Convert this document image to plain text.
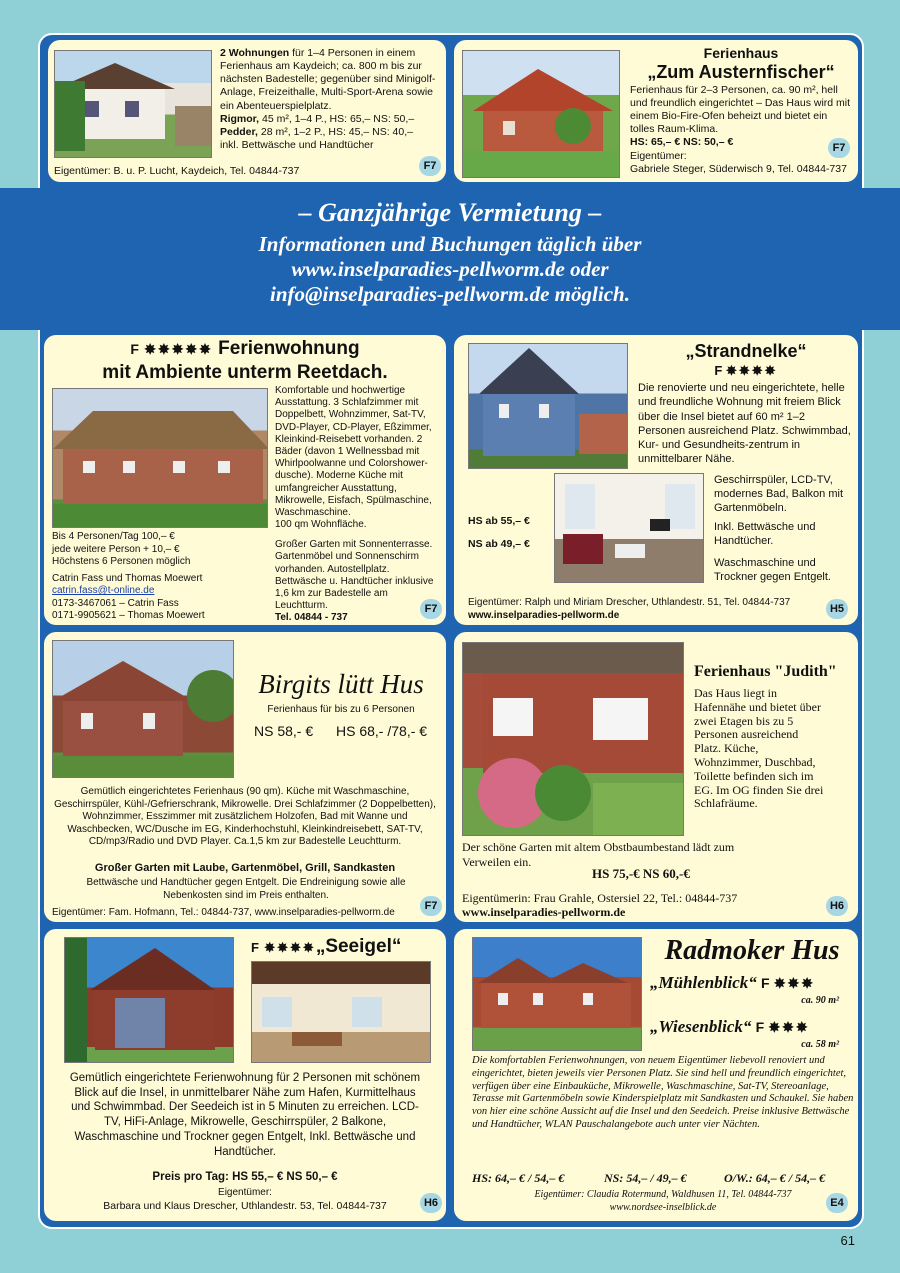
2 Wohnungen für 1–4 Personen in einem Ferienhaus am Kaydeich; ca. 800 m bis zur nächsten Badestelle; gegenüber sind Minigolf-Anlage, Freizeithalle, Multi-Sport-Arena sowie ein Abenteuerspielplatz.
Rigmor, 45 m², 1–4 P., HS: 65,– NS: 50,–
Pedder, 28 m², 1–2 P., HS: 45,– NS: 40,–
inkl. Bettwäsche und Handtücher
Eigentümer: B. u. P. Lucht, Kaydeich, Tel. 04844-737	F7
Ferienhaus
„Zum Austernfischer“
Ferienhaus für 2–3 Personen, ca. 90 m², hell und freundlich eingerichtet – Das Haus wird mit einem Bio-Fire-Ofen beheizt und bietet ein tolles Raum-Klima.
HS: 65,– € NS: 50,– €
Eigentümer:
Gabriele Steger, Süderwisch 9, Tel. 04844-737
F7
– Ganzjährige Vermietung –
Informationen und Buchungen täglich über
www.inselparadies-pellworm.de oder
info@inselparadies-pellworm.de möglich.
F ✸✸✸✸✸ Ferienwohnung
mit Ambiente unterm Reetdach.
Komfortable und hochwertige Ausstattung. 3 Schlafzimmer mit Doppelbett, Wohnzimmer, Sat-TV, DVD-Player, CD-Player, Eßzimmer, Kleinkind-Reisebett vorhanden. 2 Bäder (davon 1 Wellnessbad mit Whirlpoolwanne und Colorshower-dusche). Moderne Küche mit umfangreicher Ausstattung, Mikrowelle, Eisfach, Spülmaschine, Waschmaschine.
100 qm Wohnfläche.
Großer Garten mit Sonnenterrasse. Gartenmöbel und Sonnenschirm vorhanden. Autostellplatz. Bettwäsche u. Handtücher inklusive 1,6 km zur Badestelle am Leuchtturm.
Tel. 04844 - 737
Bis 4 Personen/Tag 100,– €
jede weitere Person + 10,– €
Höchstens 6 Personen möglich
Catrin Fass und Thomas Moewert
catrin.fass@t-online.de
0173-3467061 – Catrin Fass
0171-9905621 – Thomas Moewert
F7
„Strandnelke“
F ✸✸✸✸
Die renovierte und neu eingerichtete, helle und freundliche Wohnung mit freiem Blick über die Insel bietet auf 60 m² 1–2 Personen ausreichend Platz. Schwimmbad, Kur- und Gesundheits-zentrum in unmittelbarer Nähe.
Geschirrspüler, LCD-TV, modernes Bad, Balkon mit Gartenmöbeln.
Inkl. Bettwäsche und Handtücher.
Waschmaschine und Trockner gegen Entgelt.
HS ab 55,– €
NS ab 49,– €
Eigentümer: Ralph und Miriam Drescher, Uthlandestr. 51, Tel. 04844-737
www.inselparadies-pellworm.de
H5
Birgits lütt Hus
Ferienhaus für bis zu 6 Personen
NS 58,- € HS 68,- /78,- €
Gemütlich eingerichtetes Ferienhaus (90 qm). Küche mit Waschmaschine, Geschirrspüler, Kühl-/Gefrierschrank, Mikrowelle. Drei Schlafzimmer (2 Doppelbetten), Wohnzimmer, Esszimmer mit zusätzlichem Holzofen, Bad mit Wanne und Waschbecken, WC/Dusche im EG, Kinderhochstuhl, Kleinkindreisebett, SAT-TV, CD/mp3/Radio und DVD Player. Ca.1,5 km zur Badestelle Leuchtturm.
Großer Garten mit Laube, Gartenmöbel, Grill, Sandkasten
Bettwäsche und Handtücher gegen Entgelt. Die Endreinigung sowie alle Nebenkosten sind im Preis enthalten.
Eigentümer: Fam. Hofmann, Tel.: 04844-737, www.inselparadies-pellworm.de
F7
Ferienhaus "Judith"
Das Haus liegt in Hafennähe und bietet über zwei Etagen bis zu 5 Personen ausreichend Platz. Küche, Wohnzimmer, Duschbad, Toilette befinden sich im EG. Im OG finden Sie drei Schlafräume.
Der schöne Garten mit altem Obstbaumbestand lädt zum Verweilen ein.
HS 75,-€ NS 60,-€
Eigentümerin: Frau Grahle, Ostersiel 22, Tel.: 04844-737
www.inselparadies-pellworm.de	H6
F ✸✸✸✸„Seeigel“
Gemütlich eingerichtete Ferienwohnung für 2 Personen mit schönem Blick auf die Insel, in unmittelbarer Nähe zum Hafen, Kurmittelhaus und Schwimmbad. Der Seedeich ist in 5 Minuten zu erreichen. LCD-TV, HiFi-Anlage, Mikrowelle, Geschirrspüler, 2 Balkone, Waschmaschine und Trockner gegen Entgelt, Inkl. Bettwäsche und Handtücher.
Preis pro Tag: HS 55,– € NS 50,– €
Eigentümer:
Barbara und Klaus Drescher, Uthlandestr. 53, Tel. 04844-737	H6
Radmoker Hus
„Mühlenblick“ F ✸✸✸
ca. 90 m²
„Wiesenblick“ F ✸✸✸
ca. 58 m²
Die komfortablen Ferienwohnungen, von neuem Eigentümer liebevoll renoviert und eingerichtet, bieten jeweils vier Personen Platz. Sie sind hell und freundlich eingerichtet, verfügen über eine Einbauküche, Mikrowelle, Waschmaschine, Sat-TV, Stereoanlage, Terasse mit Gartenmöbeln sowie Kinderspielplatz mit Sandkasten und Schaukel. Sie haben von hier eine schöne Aussicht auf die Insel und den Seedeich. Preise inklusive Bettwäsche und Handtücher, WLAN Pauschalangebote auch unter vier Nächten.
HS: 64,– € / 54,– €	NS: 54,– / 49,– €	O/W.: 64,– € / 54,– €
Eigentümer: Claudia Rotermund, Waldhusen 11, Tel. 04844-737
www.nordsee-inselblick.de	E4
61
